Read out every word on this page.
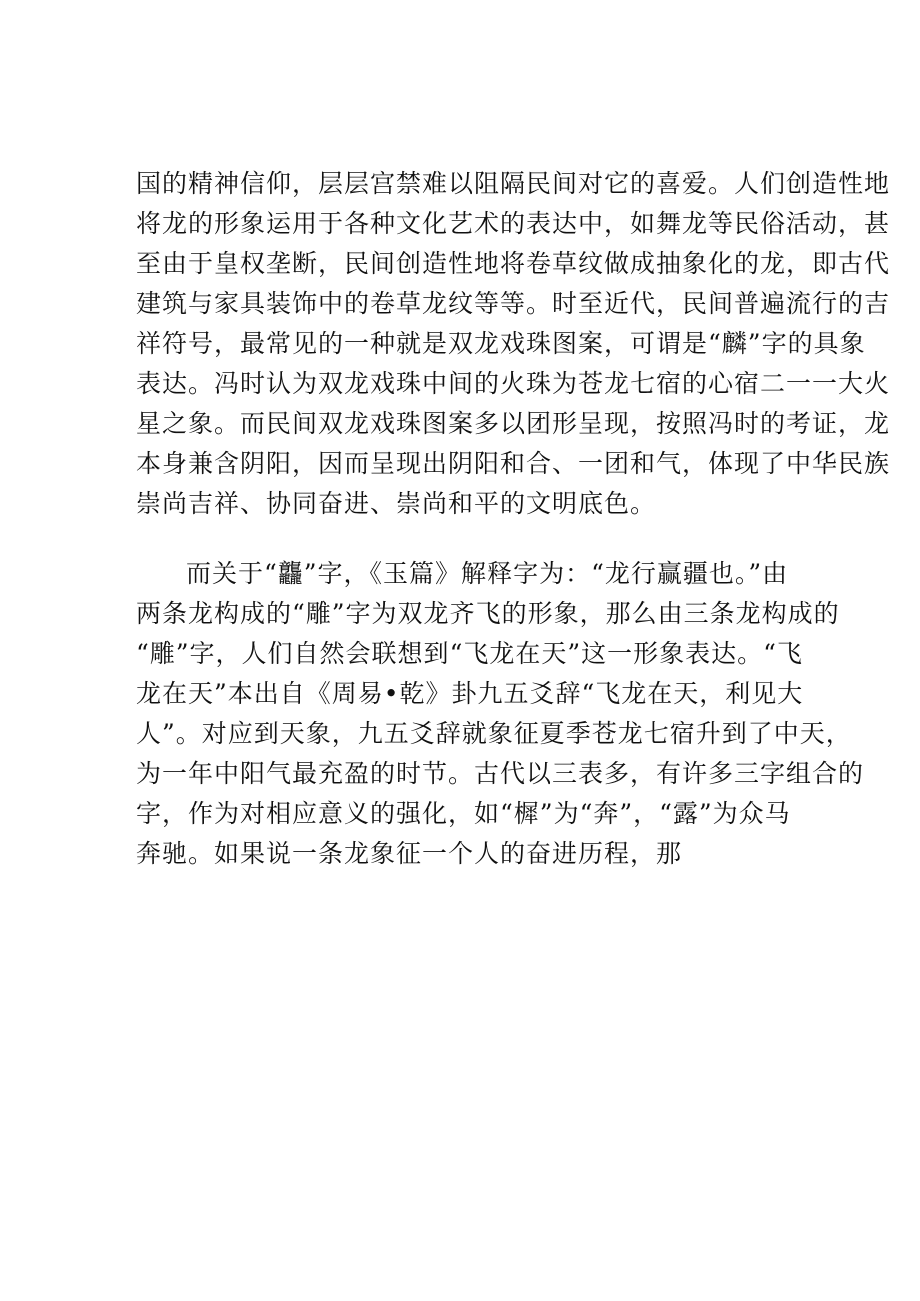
国的精神信仰，层层宫禁难以阻隔民间对它的喜爱。人们创造性地
将龙的形象运用于各种文化艺术的表达中，如舞龙等民俗活动，甚
至由于皇权垄断，民间创造性地将卷草纹做成抽象化的龙，即古代
建筑与家具装饰中的卷草龙纹等等。时至近代，民间普遍流行的吉
祥符号，最常见的一种就是双龙戏珠图案，可谓是“麟”字的具象
表达。冯时认为双龙戏珠中间的火珠为苍龙七宿的心宿二一一大火
星之象。而民间双龙戏珠图案多以团形呈现，按照冯时的考证，龙
本身兼含阴阳，因而呈现出阴阳和合、一团和气，体现了中华民族
崇尚吉祥、协同奋进、崇尚和平的文明底色。
而关于“龘”字，《玉篇》解释字为：“龙行赢疆也。”由
两条龙构成的“雕”字为双龙齐飞的形象，那么由三条龙构成的
“雕”字，人们自然会联想到“飞龙在天”这一形象表达。“飞
龙在天”本出自《周易•乾》卦九五爻辞“飞龙在天，利见大
人”。对应到天象，九五爻辞就象征夏季苍龙七宿升到了中天，
为一年中阳气最充盈的时节。古代以三表多，有许多三字组合的
字，作为对相应意义的强化，如“樨”为“奔”，“露”为众马
奔驰。如果说一条龙象征一个人的奋进历程，那
